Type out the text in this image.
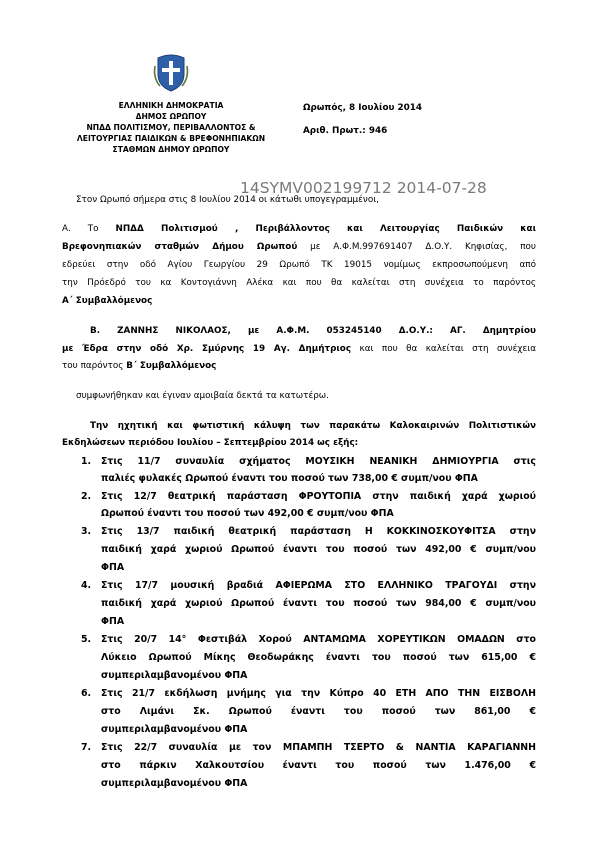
ΕΛΛΗΝΙΚΗ ΔΗΜΟΚΡΑΤΙΑ
ΔΗΜΟΣ ΩΡΩΠΟΥ
ΝΠΔΔ ΠΟΛΙΤΙΣΜΟΥ, ΠΕΡΙΒΑΛΛΟΝΤΟΣ &
ΛΕΙΤΟΥΡΓΙΑΣ ΠΑΙΔΙΚΩΝ & ΒΡΕΦΟΝΗΠΙΑΚΩΝ
ΣΤΑΘΜΩΝ ΔΗΜΟΥ ΩΡΩΠΟΥ
Ωρωπός, 8 Ιουλίου 2014
Αριθ. Πρωτ.: 946
14SYMV002199712 2014-07-28
Στον Ωρωπό σήμερα στις 8 Ιουλίου 2014 οι κάτωθι υπογεγραμμένοι,
Α. Το ΝΠΔΔ Πολιτισμού , Περιβάλλοντος και Λειτουργίας Παιδικών και
Βρεφονηπιακών σταθμών Δήμου Ωρωπού με Α.Φ.Μ.997691407 Δ.Ο.Υ. Κηφισίας, που
εδρεύει στην οδό Αγίου Γεωργίου 29 Ωρωπό ΤΚ 19015 νομίμως εκπροσωπούμενη από
την Πρόεδρό του κα Κοντογιάννη Αλέκα και που θα καλείται στη συνέχεια το παρόντος
Α΄ Συμβαλλόμενος
Β. ΖΑΝΝΗΣ ΝΙΚΟΛΑΟΣ, με Α.Φ.Μ. 053245140 Δ.Ο.Υ.: ΑΓ. Δημητρίου
με Έδρα στην οδό Χρ. Σμύρνης 19 Αγ. Δημήτριος και που θα καλείται στη συνέχεια
του παρόντος Β΄ Συμβαλλόμενος
συμφωνήθηκαν και έγιναν αμοιβαία δεκτά τα κατωτέρω.
Την ηχητική και φωτιστική κάλυψη των παρακάτω Καλοκαιρινών Πολιτιστικών
Εκδηλώσεων περιόδου Ιουλίου – Σεπτεμβρίου 2014 ως εξής:
1. Στις 11/7 συναυλία σχήματος ΜΟΥΣΙΚΗ ΝΕΑΝΙΚΗ ΔΗΜΙΟΥΡΓΙΑ στις
παλιές φυλακές Ωρωπού έναντι του ποσού των 738,00 € συμπ/νου ΦΠΑ
2. Στις 12/7 θεατρική παράσταση ΦΡΟΥΤΟΠΙΑ στην παιδική χαρά χωριού
Ωρωπού έναντι του ποσού των 492,00 € συμπ/νου ΦΠΑ
3. Στις 13/7 παιδική θεατρική παράσταση Η ΚΟΚΚΙΝΟΣΚΟΥΦΙΤΣΑ στην
παιδική χαρά χωριού Ωρωπού έναντι του ποσού των 492,00 € συμπ/νου
ΦΠΑ
4. Στις 17/7 μουσική βραδιά ΑΦΙΕΡΩΜΑ ΣΤΟ ΕΛΛΗΝΙΚΟ ΤΡΑΓΟΥΔΙ στην
παιδική χαρά χωριού Ωρωπού έναντι του ποσού των 984,00 € συμπ/νου
ΦΠΑ
5. Στις 20/7 14° Φεστιβάλ Χορού ΑΝΤΑΜΩΜΑ ΧΟΡΕΥΤΙΚΩΝ ΟΜΑΔΩΝ στο
Λύκειο Ωρωπού Μίκης Θεοδωράκης έναντι του ποσού των 615,00 €
συμπεριλαμβανομένου ΦΠΑ
6. Στις 21/7 εκδήλωση μνήμης για την Κύπρο 40 ΕΤΗ ΑΠΟ ΤΗΝ ΕΙΣΒΟΛΗ
στο Λιμάνι Σκ. Ωρωπού έναντι του ποσού των 861,00 €
συμπεριλαμβανομένου ΦΠΑ
7. Στις 22/7 συναυλία με τον ΜΠΑΜΠΗ ΤΣΕΡΤΟ & ΝΑΝΤΙΑ ΚΑΡΑΓΙΑΝΝΗ
στο πάρκιν Χαλκουτσίου έναντι του ποσού των 1.476,00 €
συμπεριλαμβανομένου ΦΠΑ
